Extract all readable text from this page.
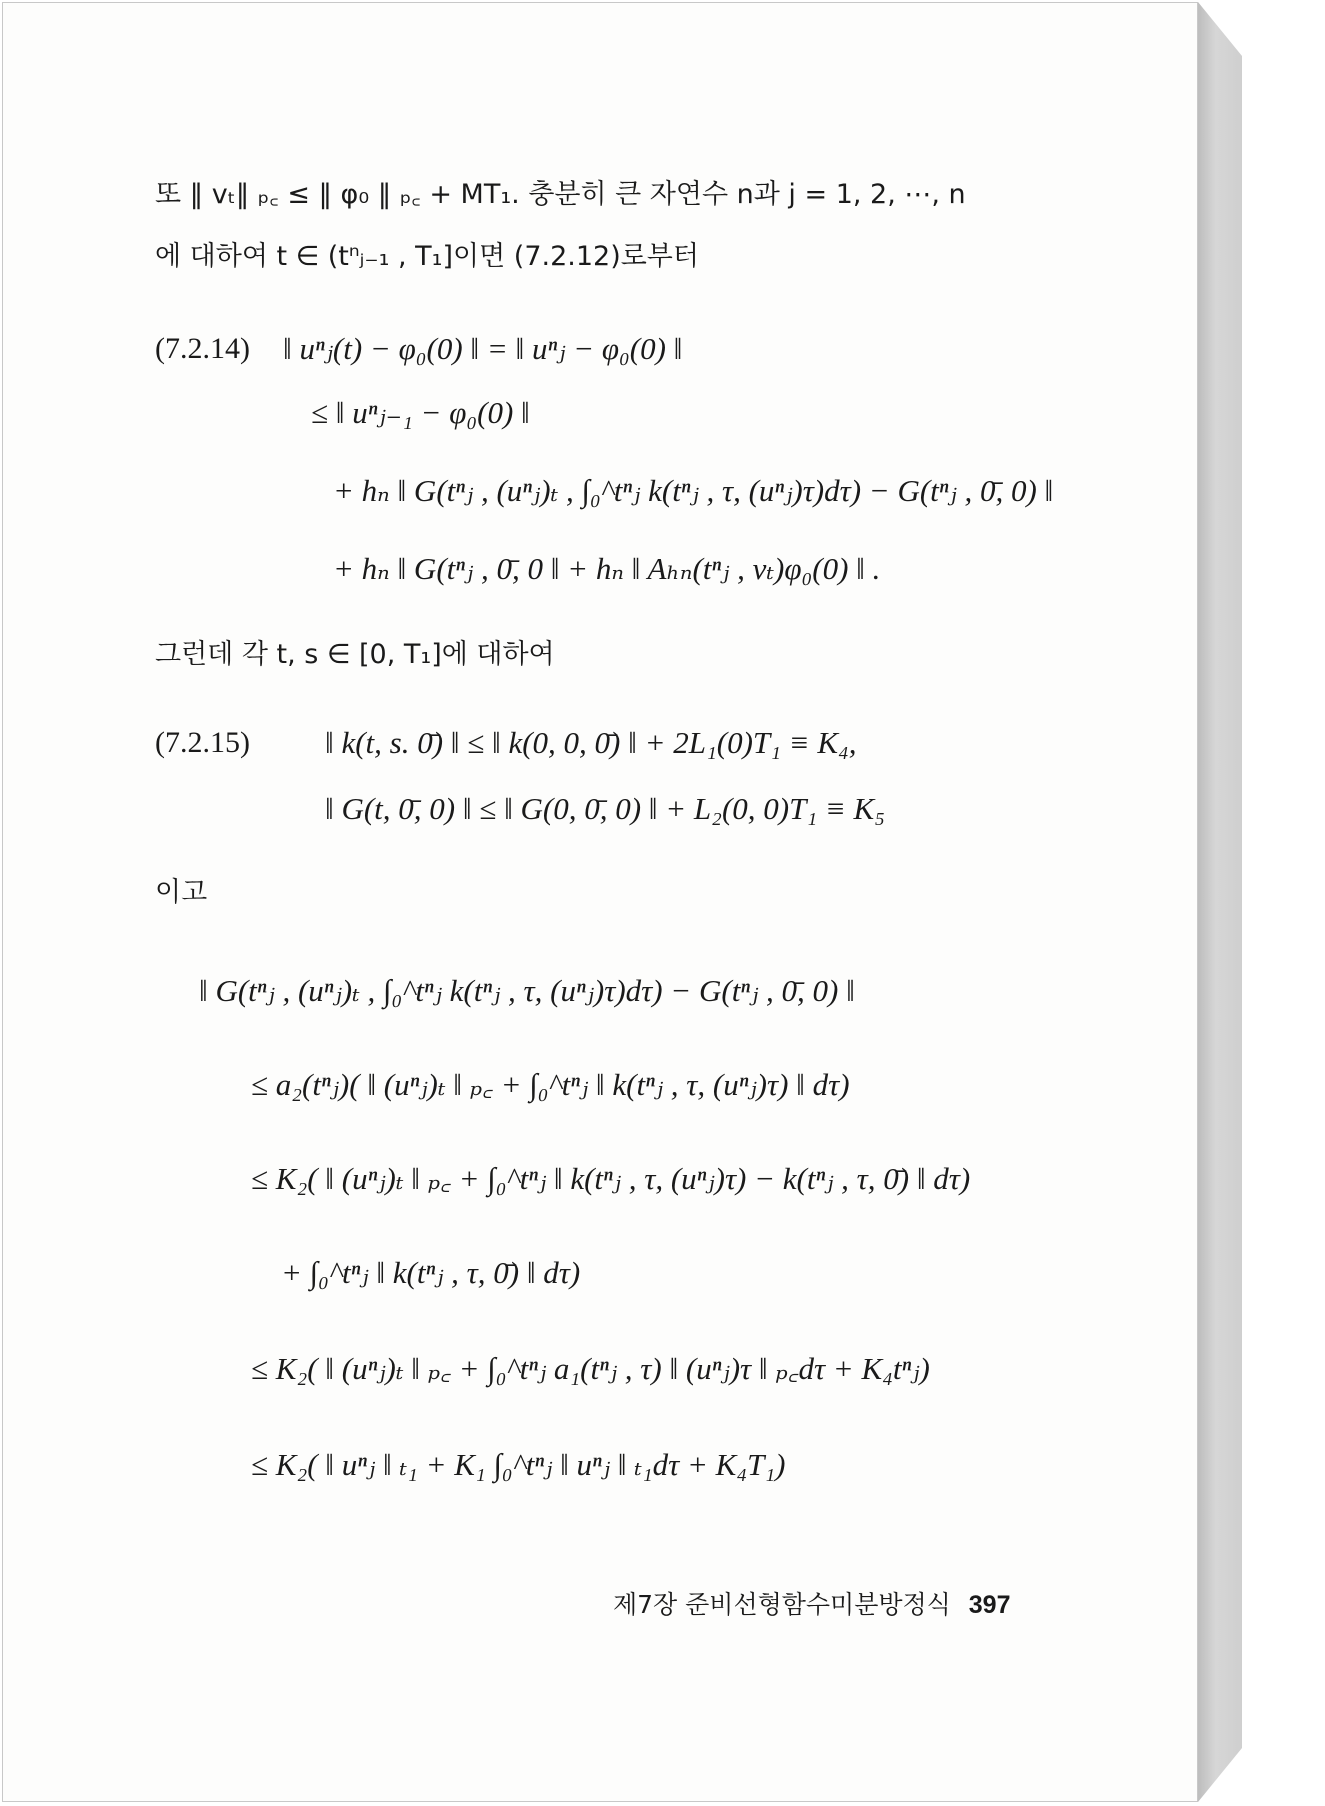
또 ‖ vₜ‖ ₚ꜀ ≤ ‖ φ₀ ‖ ₚ꜀ + MT₁. 충분히 큰 자연수 n과 j = 1, 2, ⋯, n
에 대하여 t ∈ (tⁿⱼ₋₁ , T₁]이면 (7.2.12)로부터
(7.2.14) ‖ uⁿⱼ(t) − φ₀(0) ‖ = ‖ uⁿⱼ − φ₀(0) ‖
≤ ‖ uⁿⱼ₋₁ − φ₀(0) ‖
+ hₙ ‖ G(tⁿⱼ , (uⁿⱼ)ₜ , ∫₀^tⁿⱼ k(tⁿⱼ , τ, (uⁿⱼ)τ)dτ) − G(tⁿⱼ , 0̄, 0) ‖
+ hₙ ‖ G(tⁿⱼ , 0̄, 0 ‖ + hₙ ‖ Aₕₙ(tⁿⱼ , vₜ)φ₀(0) ‖ .
그런데 각 t, s ∈ [0, T₁]에 대하여
(7.2.15) ‖ k(t, s. 0̄) ‖ ≤ ‖ k(0, 0, 0̄) ‖ + 2L₁(0)T₁ ≡ K₄,
‖ G(t, 0̄, 0) ‖ ≤ ‖ G(0, 0̄, 0) ‖ + L₂(0, 0)T₁ ≡ K₅
이고
‖ G(tⁿⱼ , (uⁿⱼ)ₜ , ∫₀^tⁿⱼ k(tⁿⱼ , τ, (uⁿⱼ)τ)dτ) − G(tⁿⱼ , 0̄, 0) ‖
≤ a₂(tⁿⱼ)( ‖ (uⁿⱼ)ₜ ‖ ₚ꜀ + ∫₀^tⁿⱼ ‖ k(tⁿⱼ , τ, (uⁿⱼ)τ) ‖ dτ)
≤ K₂( ‖ (uⁿⱼ)ₜ ‖ ₚ꜀ + ∫₀^tⁿⱼ ‖ k(tⁿⱼ , τ, (uⁿⱼ)τ) − k(tⁿⱼ , τ, 0̄) ‖ dτ)
+ ∫₀^tⁿⱼ ‖ k(tⁿⱼ , τ, 0̄) ‖ dτ)
≤ K₂( ‖ (uⁿⱼ)ₜ ‖ ₚ꜀ + ∫₀^tⁿⱼ a₁(tⁿⱼ , τ) ‖ (uⁿⱼ)τ ‖ ₚ꜀dτ + K₄tⁿⱼ)
≤ K₂( ‖ uⁿⱼ ‖ ₜ₁ + K₁ ∫₀^tⁿⱼ ‖ uⁿⱼ ‖ ₜ₁dτ + K₄T₁)
제7장 준비선형함수미분방정식 397
